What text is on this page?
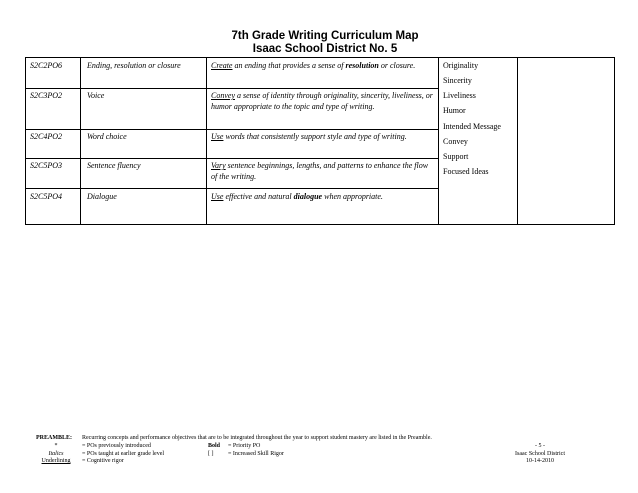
7th Grade Writing Curriculum Map
Isaac School District No. 5
S2C2PO6	Ending, resolution or closure	Create an ending that provides a sense of resolution or closure.
S2C3PO2	Voice	Convey a sense of identity through originality, sincerity, liveliness, or humor appropriate to the topic and type of writing.
S2C4PO2	Word choice	Use words that consistently support style and type of writing.
S2C5PO3	Sentence fluency	Vary sentence beginnings, lengths, and patterns to enhance the flow of the writing.
S2C5PO4	Dialogue	Use effective and natural dialogue when appropriate.
Originality
Sincerity
Liveliness
Humor
Intended Message
Convey
Support
Focused Ideas
PREAMBLE: Recurring concepts and performance objectives that are to be integrated throughout the year to support student mastery are listed in the Preamble.
*	= POs previously introduced
Italics	= POs taught at earlier grade level
Underlining	= Cognitive rigor
Bold = Priority PO
[ ] = Increased Skill Rigor
- 5 -
Isaac School District
10-14-2010
